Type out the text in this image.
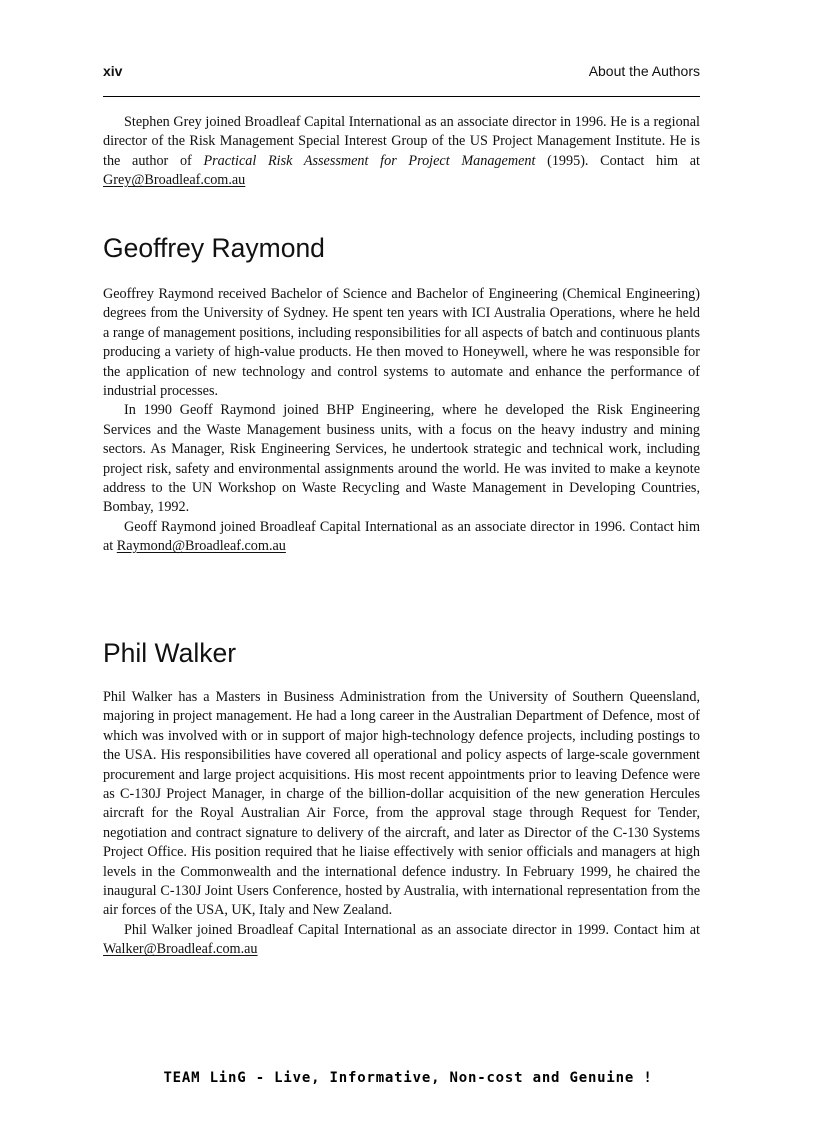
xiv	About the Authors

Stephen Grey joined Broadleaf Capital International as an associate director in 1996. He is a regional director of the Risk Management Special Interest Group of the US Project Management Institute. He is the author of Practical Risk Assessment for Project Management (1995). Contact him at Grey@Broadleaf.com.au

Geoffrey Raymond

Geoffrey Raymond received Bachelor of Science and Bachelor of Engineering (Chemical Engineering) degrees from the University of Sydney. He spent ten years with ICI Australia Operations, where he held a range of management positions, including responsibilities for all aspects of batch and continuous plants producing a variety of high-value products. He then moved to Honeywell, where he was responsible for the application of new technology and control systems to automate and enhance the performance of industrial processes.

In 1990 Geoff Raymond joined BHP Engineering, where he developed the Risk Engineering Services and the Waste Management business units, with a focus on the heavy industry and mining sectors. As Manager, Risk Engineering Services, he undertook strategic and technical work, including project risk, safety and environmental assignments around the world. He was invited to make a keynote address to the UN Workshop on Waste Recycling and Waste Management in Developing Countries, Bombay, 1992.

Geoff Raymond joined Broadleaf Capital International as an associate director in 1996. Contact him at Raymond@Broadleaf.com.au

Phil Walker

Phil Walker has a Masters in Business Administration from the University of Southern Queensland, majoring in project management. He had a long career in the Australian Department of Defence, most of which was involved with or in support of major high-technology defence projects, including postings to the USA. His responsibilities have covered all operational and policy aspects of large-scale government procurement and large project acquisitions. His most recent appointments prior to leaving Defence were as C-130J Project Manager, in charge of the billion-dollar acquisition of the new generation Hercules aircraft for the Royal Australian Air Force, from the approval stage through Request for Tender, negotiation and contract signature to delivery of the aircraft, and later as Director of the C-130 Systems Project Office. His position required that he liaise effectively with senior officials and managers at high levels in the Commonwealth and the international defence industry. In February 1999, he chaired the inaugural C-130J Joint Users Conference, hosted by Australia, with international representation from the air forces of the USA, UK, Italy and New Zealand.

Phil Walker joined Broadleaf Capital International as an associate director in 1999. Contact him at Walker@Broadleaf.com.au

TEAM LinG - Live, Informative, Non-cost and Genuine !
